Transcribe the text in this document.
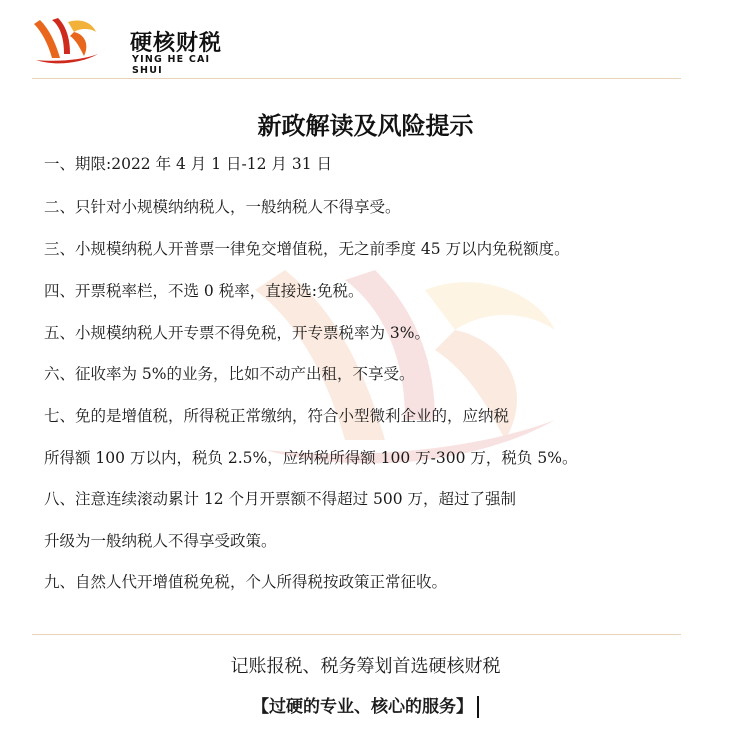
硬核财税
YING HE CAI SHUI
新政解读及风险提示
一、期限:2022 年 4 月 1 日-12 月 31 日
二、只针对小规模纳纳税人，一般纳税人不得享受。
三、小规模纳税人开普票一律免交增值税，无之前季度 45 万以内免税额度。
四、开票税率栏，不选 0 税率，直接选:免税。
五、小规模纳税人开专票不得免税，开专票税率为 3%。
六、征收率为 5%的业务，比如不动产出租，不享受。
七、免的是增值税，所得税正常缴纳，符合小型微利企业的，应纳税
所得额 100 万以内，税负 2.5%，应纳税所得额 100 万-300 万，税负 5%。
八、注意连续滚动累计 12 个月开票额不得超过 500 万，超过了强制
升级为一般纳税人不得享受政策。
九、自然人代开增值税免税，个人所得税按政策正常征收。
记账报税、税务筹划首选硬核财税
【过硬的专业、核心的服务】
